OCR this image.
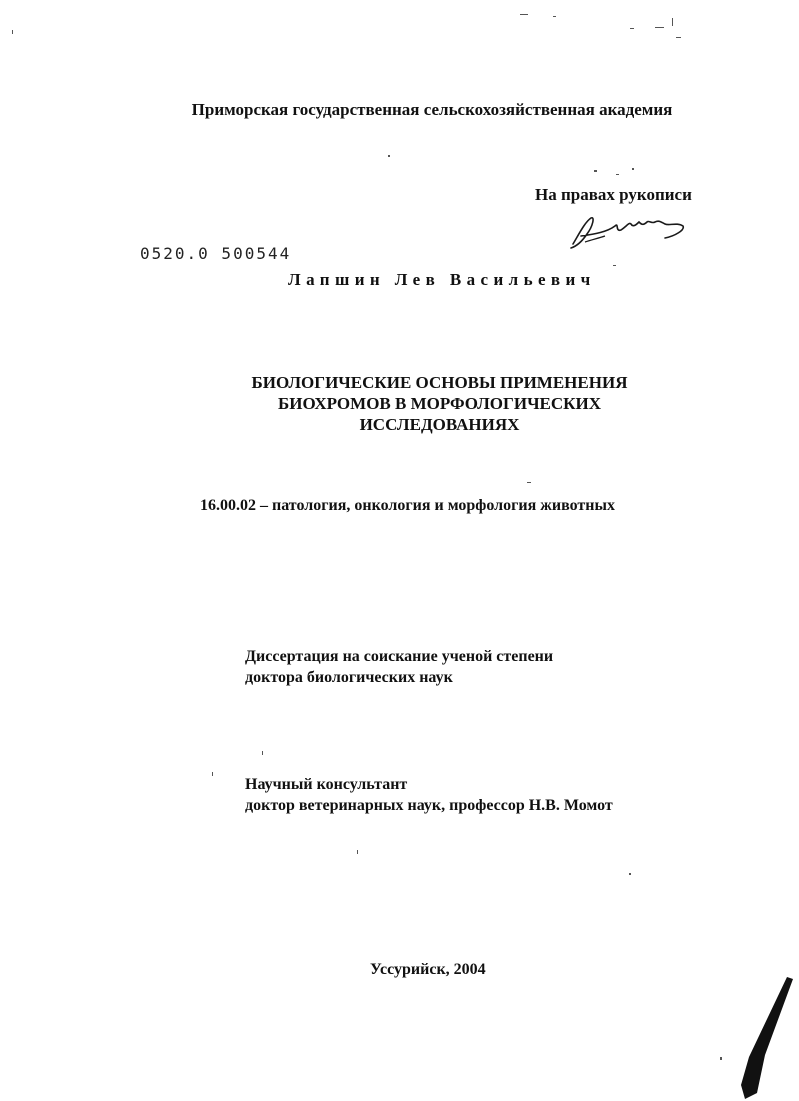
Приморская государственная сельскохозяйственная академия
На правах рукописи
0520.0 500544
Лапшин Лев Васильевич
БИОЛОГИЧЕСКИЕ ОСНОВЫ ПРИМЕНЕНИЯ
БИОХРОМОВ В МОРФОЛОГИЧЕСКИХ
ИССЛЕДОВАНИЯХ
16.00.02 – патология, онкология и морфология животных
Диссертация на соискание ученой степени
доктора биологических наук
Научный консультант
доктор ветеринарных наук, профессор Н.В. Момот
Уссурийск, 2004
